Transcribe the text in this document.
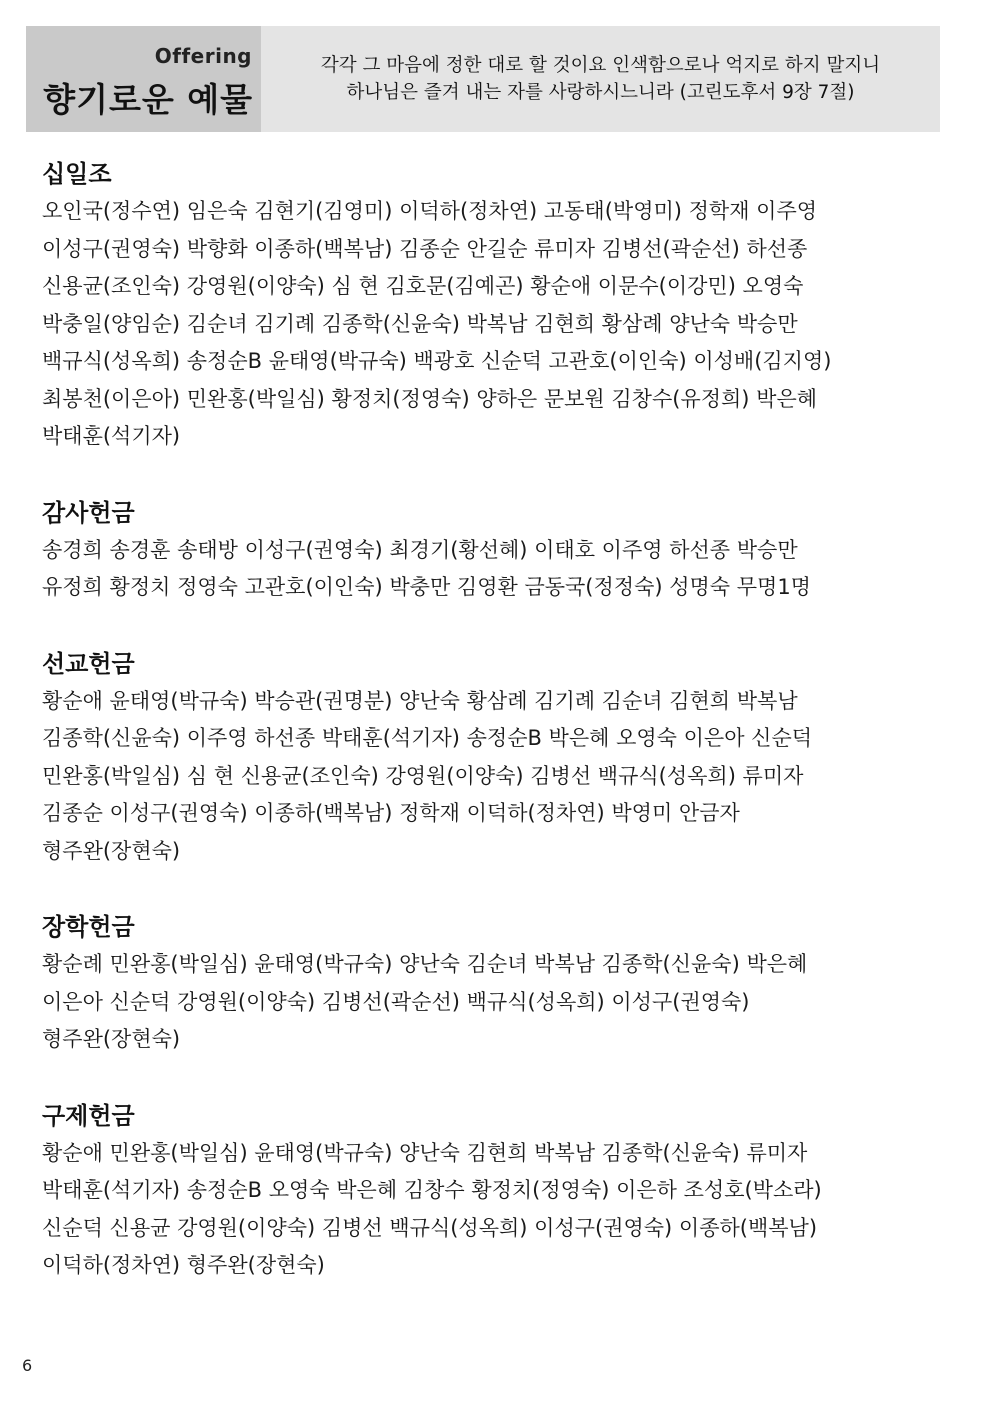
Offering
향기로운 예물
각각 그 마음에 정한 대로 할 것이요 인색함으로나 억지로 하지 말지니
하나님은 즐겨 내는 자를 사랑하시느니라 (고린도후서 9장 7절)
십일조
오인국(정수연) 임은숙 김현기(김영미) 이덕하(정차연) 고동태(박영미) 정학재 이주영
이성구(권영숙) 박향화 이종하(백복남) 김종순 안길순 류미자 김병선(곽순선) 하선종
신용균(조인숙) 강영원(이양숙) 심 현 김호문(김예곤) 황순애 이문수(이강민) 오영숙
박충일(양임순) 김순녀 김기례 김종학(신윤숙) 박복남 김현희 황삼례 양난숙 박승만
백규식(성옥희) 송정순B 윤태영(박규숙) 백광호 신순덕 고관호(이인숙) 이성배(김지영)
최봉천(이은아) 민완홍(박일심) 황정치(정영숙) 양하은 문보원 김창수(유정희) 박은혜
박태훈(석기자)
감사헌금
송경희 송경훈 송태방 이성구(권영숙) 최경기(황선혜) 이태호 이주영 하선종 박승만
유정희 황정치 정영숙 고관호(이인숙) 박충만 김영환 금동국(정정숙) 성명숙 무명1명
선교헌금
황순애 윤태영(박규숙) 박승관(권명분) 양난숙 황삼례 김기례 김순녀 김현희 박복남
김종학(신윤숙) 이주영 하선종 박태훈(석기자) 송정순B 박은혜 오영숙 이은아 신순덕
민완홍(박일심) 심 현 신용균(조인숙) 강영원(이양숙) 김병선 백규식(성옥희) 류미자
김종순 이성구(권영숙) 이종하(백복남) 정학재 이덕하(정차연) 박영미 안금자
형주완(장현숙)
장학헌금
황순례 민완홍(박일심) 윤태영(박규숙) 양난숙 김순녀 박복남 김종학(신윤숙) 박은혜
이은아 신순덕 강영원(이양숙) 김병선(곽순선) 백규식(성옥희) 이성구(권영숙)
형주완(장현숙)
구제헌금
황순애 민완홍(박일심) 윤태영(박규숙) 양난숙 김현희 박복남 김종학(신윤숙) 류미자
박태훈(석기자) 송정순B 오영숙 박은혜 김창수 황정치(정영숙) 이은하 조성호(박소라)
신순덕 신용균 강영원(이양숙) 김병선 백규식(성옥희) 이성구(권영숙) 이종하(백복남)
이덕하(정차연) 형주완(장현숙)
6
